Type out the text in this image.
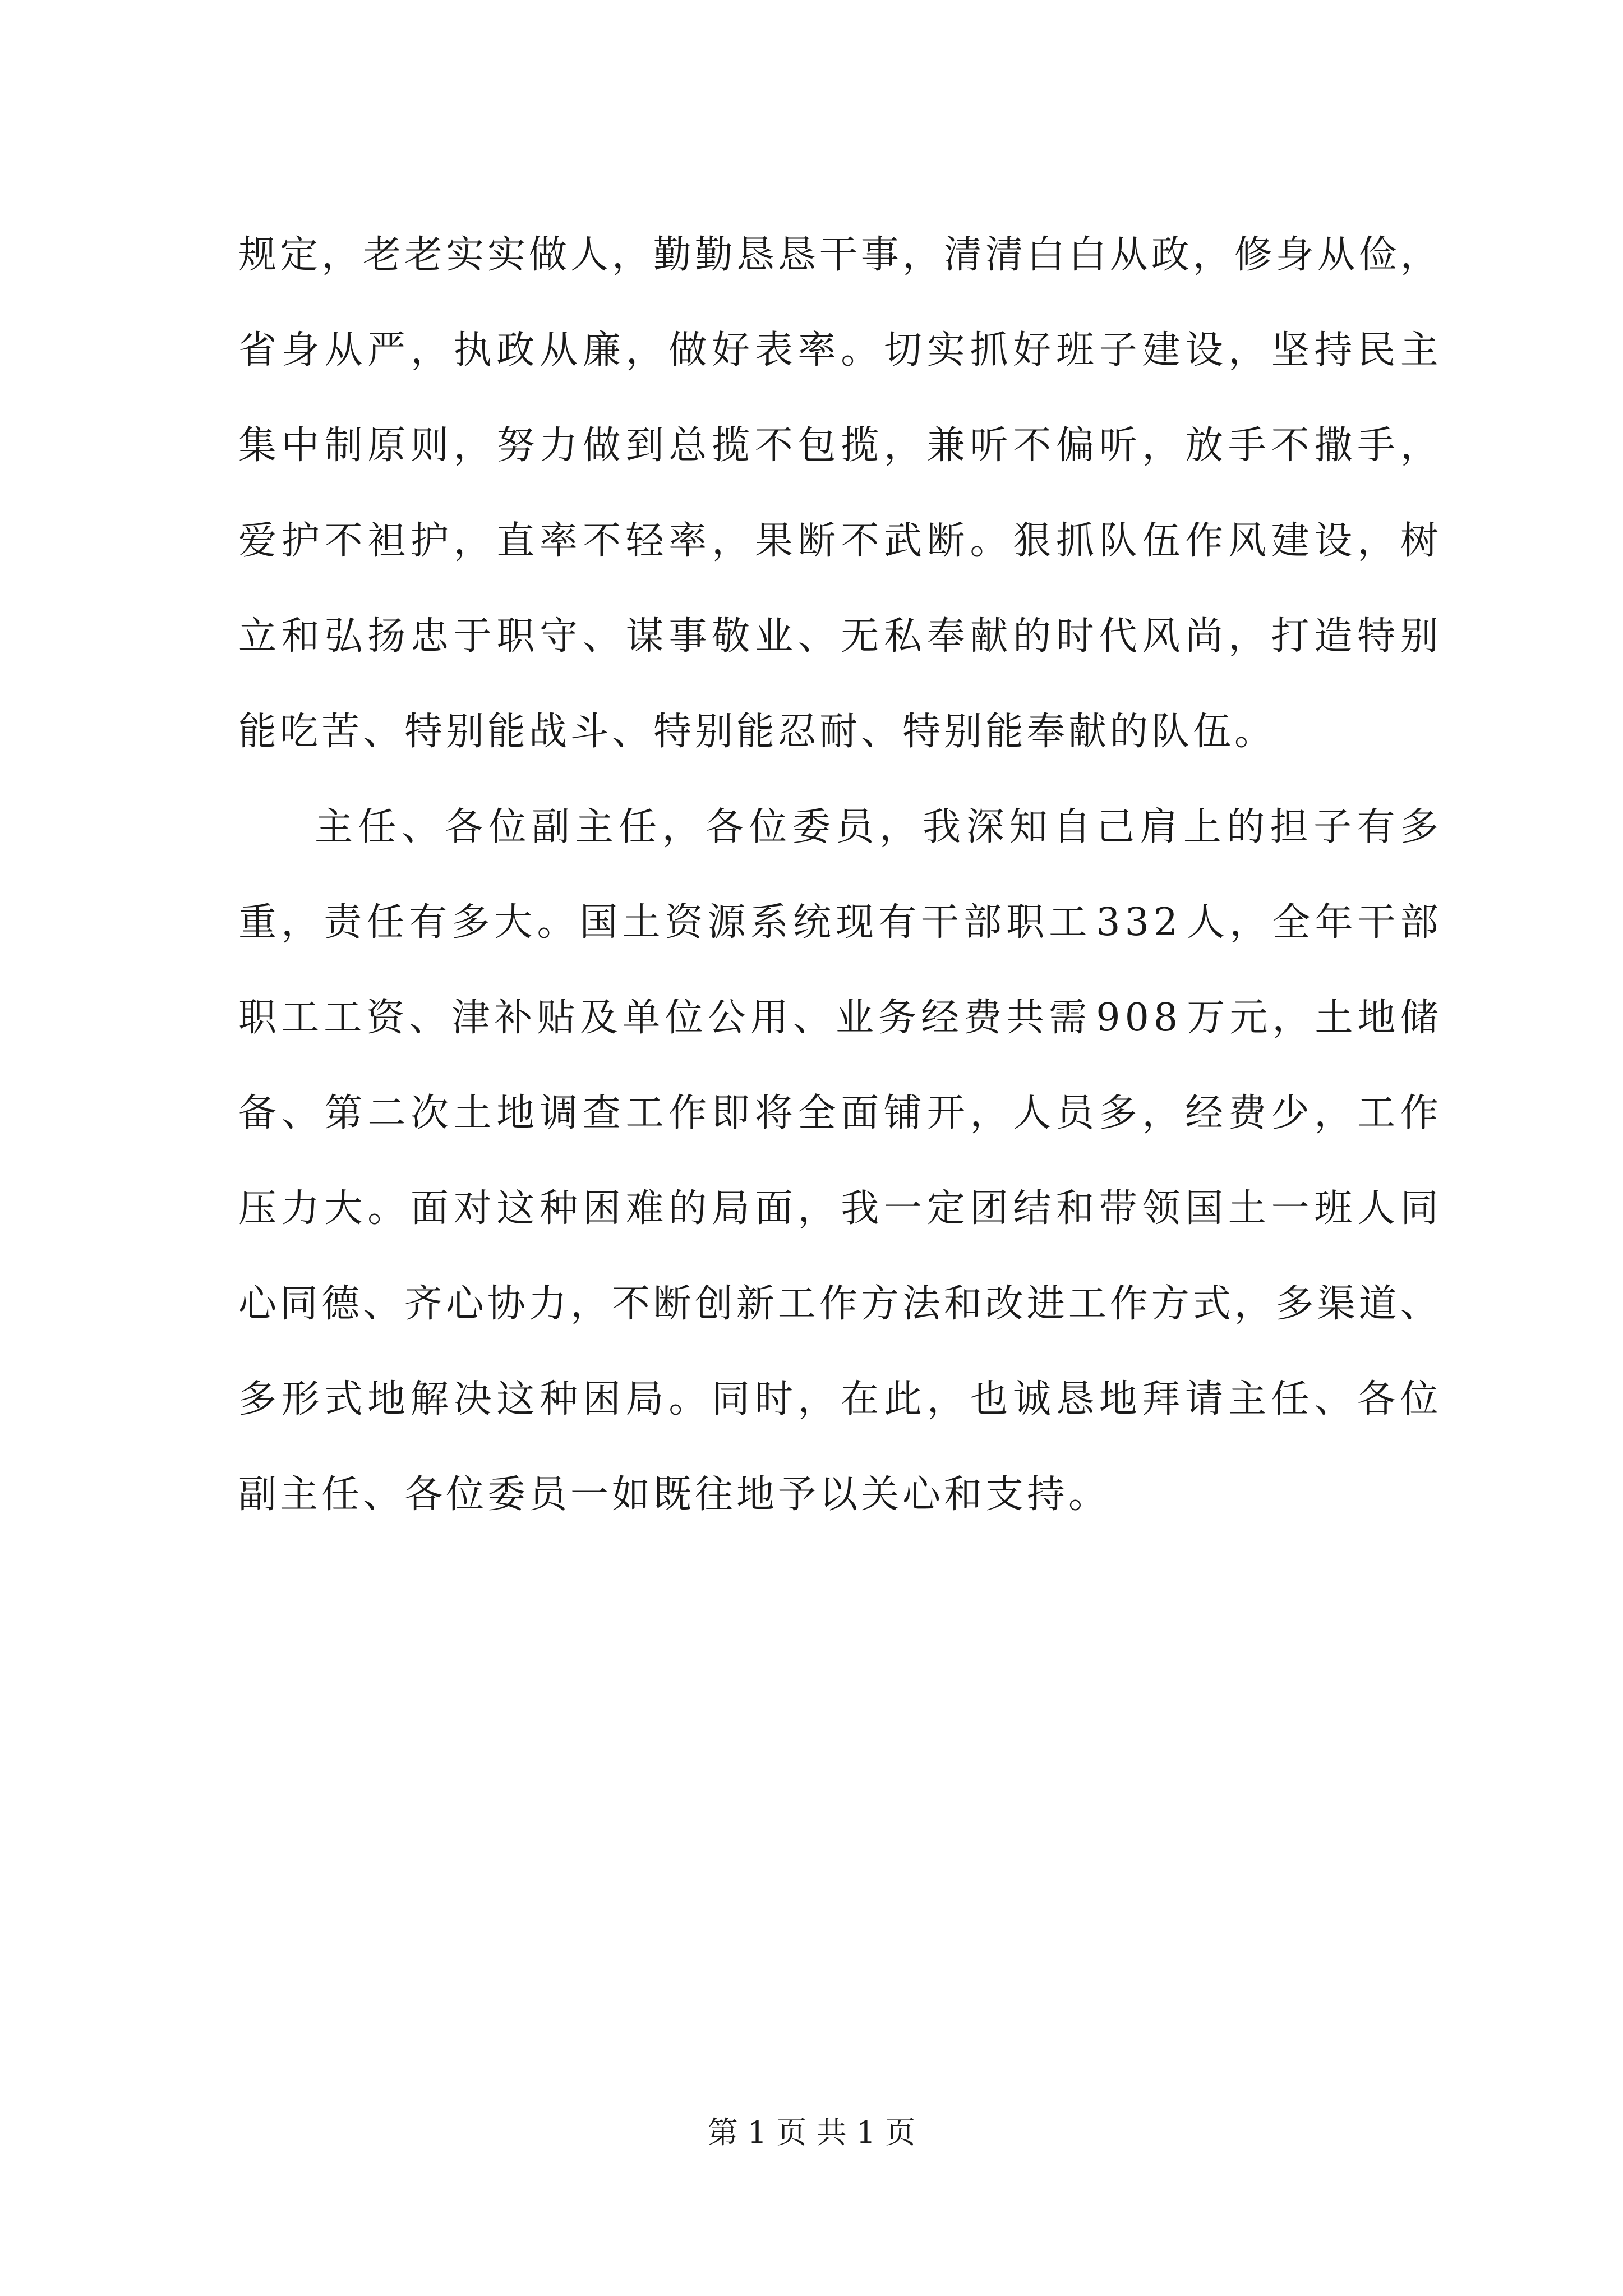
规 定 ， 老 老 实 实 做 人 ， 勤 勤 恳 恳 干 事 ， 清 清 白 白 从 政 ， 修 身 从 俭 ，
省 身 从 严 ， 执 政 从 廉 ， 做 好 表 率 。 切 实 抓 好 班 子 建 设 ， 坚 持 民 主
集 中 制 原 则 ， 努 力 做 到 总 揽 不 包 揽 ， 兼 听 不 偏 听 ， 放 手 不 撒 手 ，
爱 护 不 袒 护 ， 直 率 不 轻 率 ， 果 断 不 武 断 。 狠 抓 队 伍 作 风 建 设 ， 树
立 和 弘 扬 忠 于 职 守 、 谋 事 敬 业 、 无 私 奉 献 的 时 代 风 尚 ， 打 造 特 别
能吃苦、特别能战斗、特别能忍耐、特别能奉献的队伍。
主 任 、 各 位 副 主 任 ， 各 位 委 员 ， 我 深 知 自 己 肩 上 的 担 子 有 多
重 ， 责 任 有 多 大 。 国 土 资 源 系 统 现 有 干 部 职 工 3 3 2 人 ， 全 年 干 部
职 工 工 资 、 津 补 贴 及 单 位 公 用 、 业 务 经 费 共 需 9 0 8 万 元 ， 土 地 储
备 、 第 二 次 土 地 调 查 工 作 即 将 全 面 铺 开 ， 人 员 多 ， 经 费 少 ， 工 作
压 力 大 。 面 对 这 种 困 难 的 局 面 ， 我 一 定 团 结 和 带 领 国 土 一 班 人 同
心 同 德 、 齐 心 协 力 ， 不 断 创 新 工 作 方 法 和 改 进 工 作 方 式 ， 多 渠 道 、
多 形 式 地 解 决 这 种 困 局 。 同 时 ， 在 此 ， 也 诚 恳 地 拜 请 主 任 、 各 位
副主任、各位委员一如既往地予以关心和支持。
第 1 页 共 1 页
